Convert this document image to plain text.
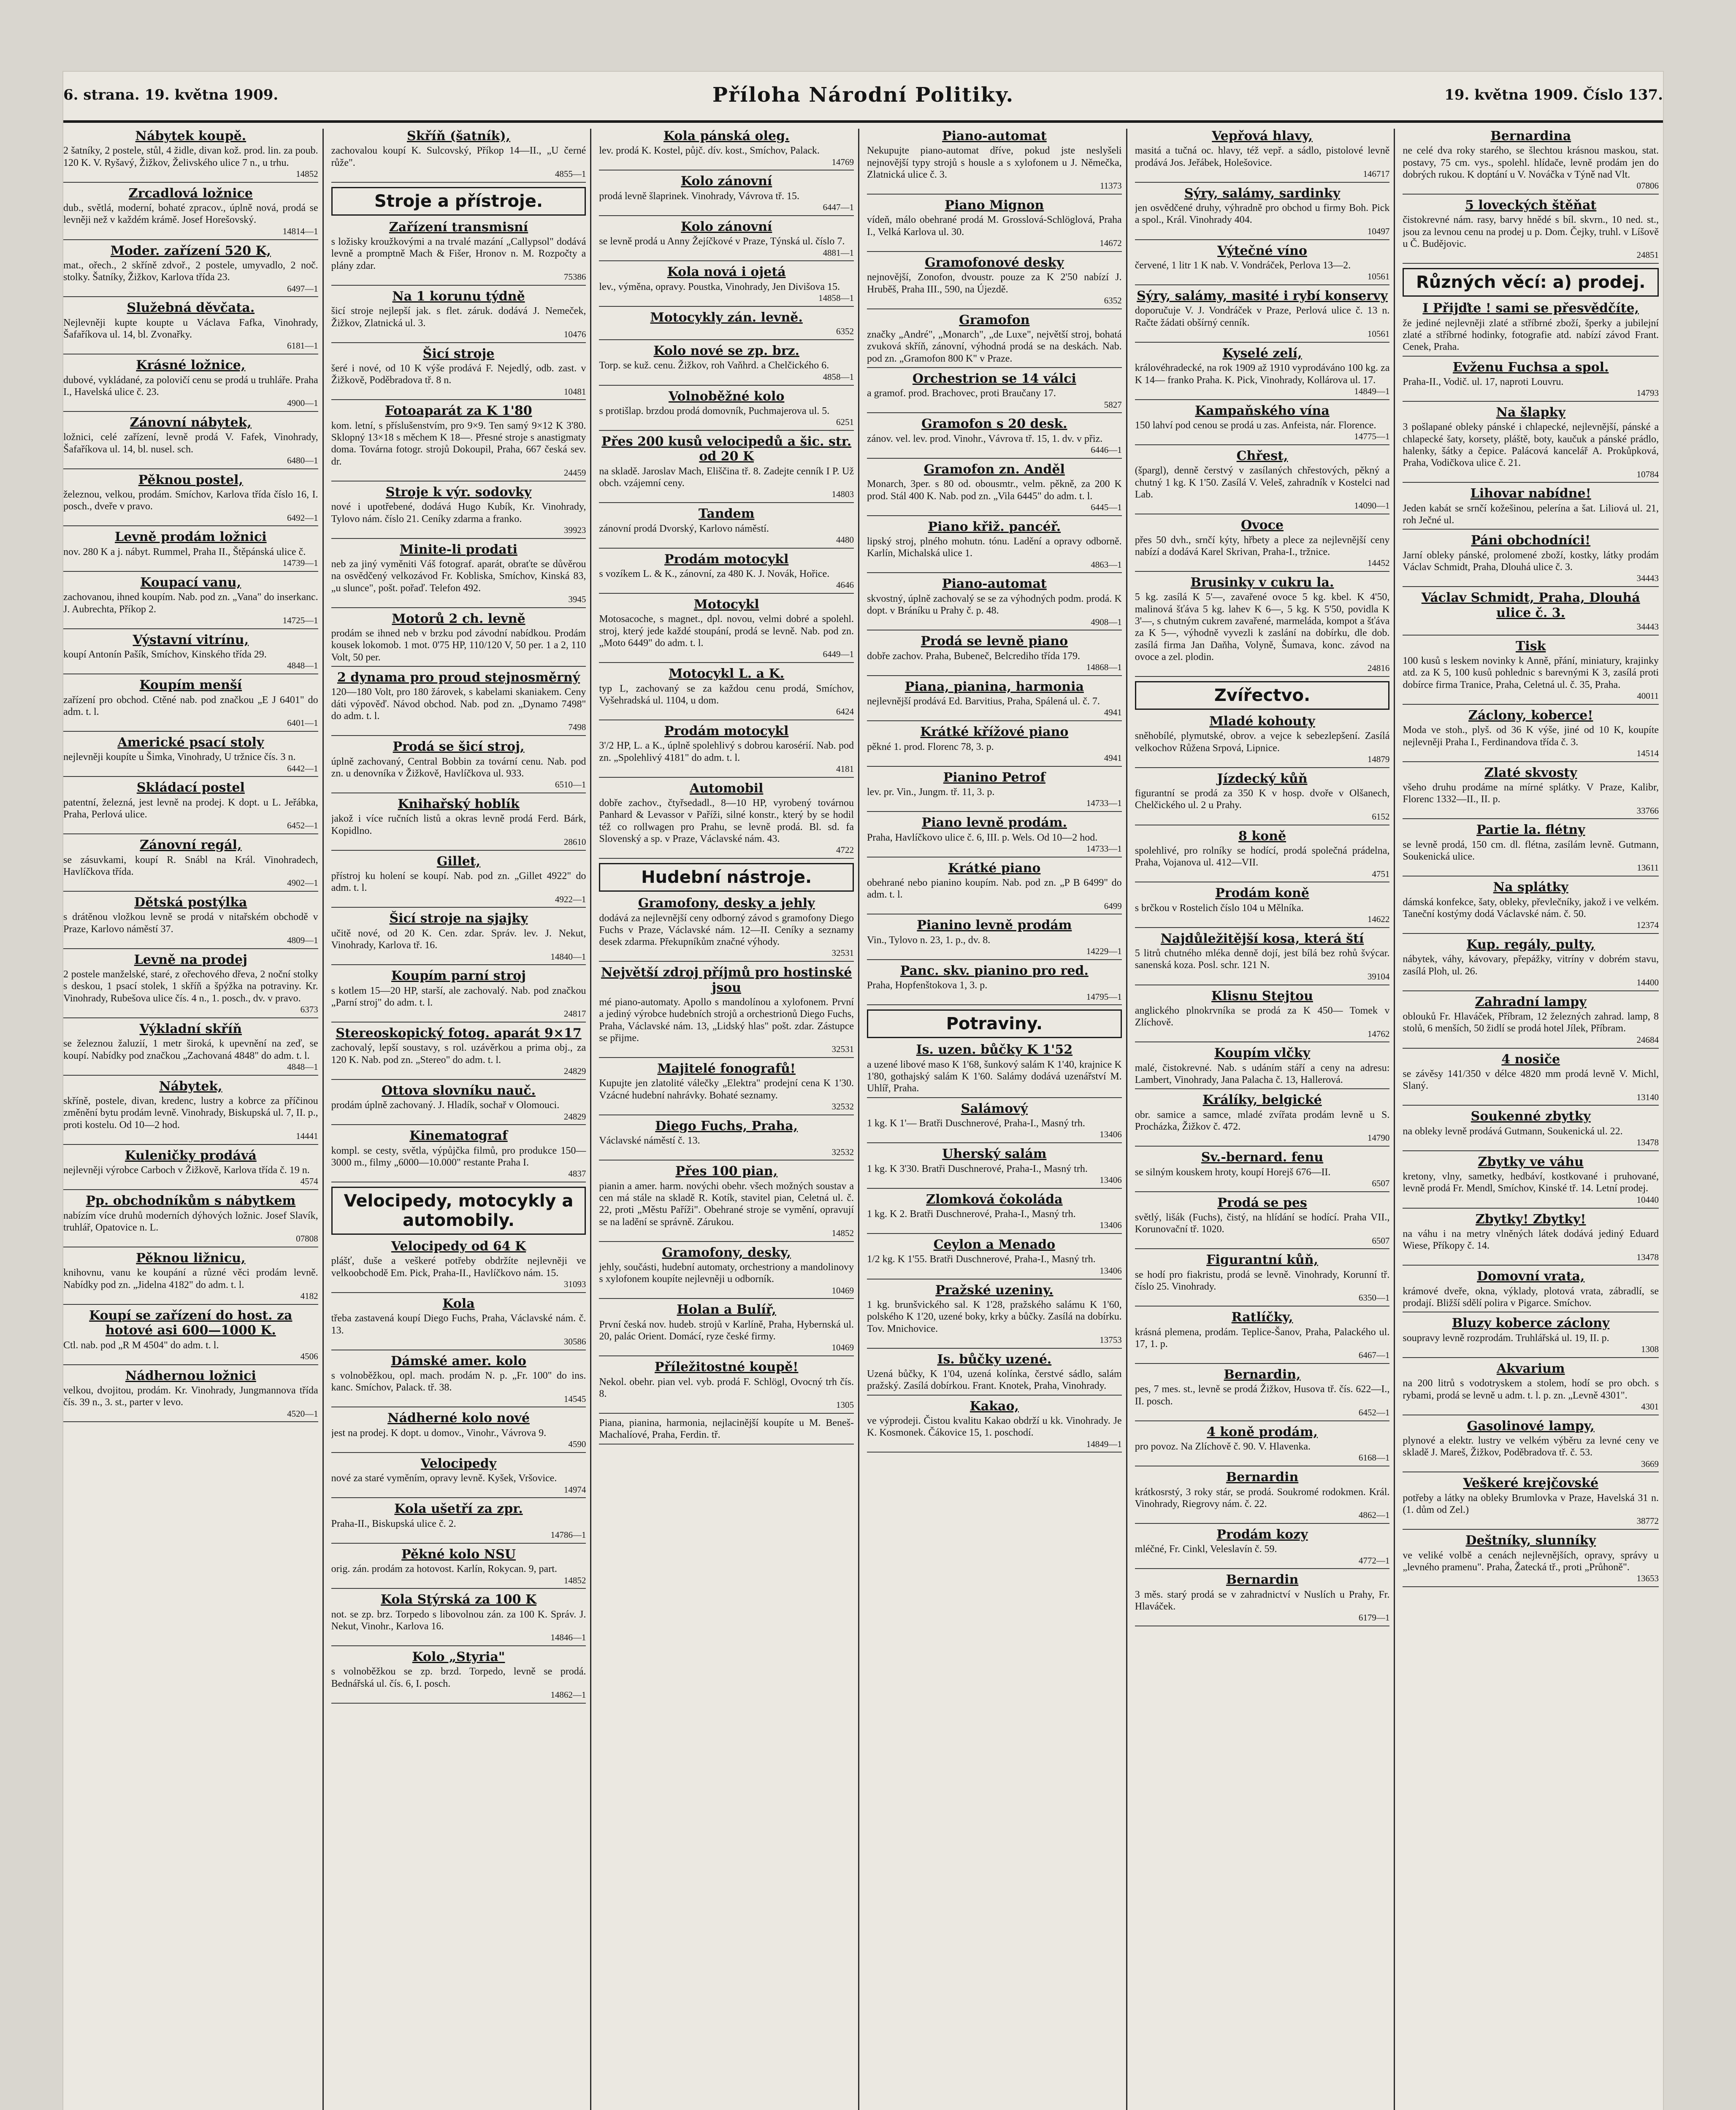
6. strana. 19. května 1909.	Příloha Národní Politiky.	19. května 1909. Číslo 137.
Nábytek koupě.

2 šatníky, 2 postele, stůl, 4 židle, divan kož. prod. lin. za poub. 120 K. V. Ryšavý, Žižkov, Želivského ulice 7 n., u trhu.

14852
Zrcadlová ložnice

dub., světlá, moderní, bohaté zpracov., úplně nová, prodá se levněji než v každém krámě. Josef Horešovský.

14814—1
Moder. zařízení 520 K,

mat., ořech., 2 skříně zdvoř., 2 postele, umyvadlo, 2 noč. stolky. Šatníky, Žižkov, Karlova třída 23.

6497—1
Služebná děvčata.

Nejlevněji kupte koupte u Václava Fafka, Vinohrady, Šafaříkova ul. 14, bl. Zvonařky.

6181—1
Krásné ložnice,

dubové, vykládané, za polovičí cenu se prodá u truhláře. Praha I., Havelská ulice č. 23.

4900—1
Zánovní nábytek,

ložnici, celé zařízení, levně prodá V. Fafek, Vinohrady, Šafaříkova ul. 14, bl. nusel. sch.

6480—1
Pěknou postel,

železnou, velkou, prodám. Smíchov, Karlova třída číslo 16, I. posch., dveře v pravo.

6492—1
Levně prodám ložnici

nov. 280 K a j. nábyt. Rummel, Praha II., Štěpánská ulice č.

14739—1
Koupací vanu,

zachovanou, ihned koupím. Nab. pod zn. „Vana" do inserkanc. J. Aubrechta, Příkop 2.

14725—1
Výstavní vitrínu,

koupí Antonín Pašík, Smíchov, Kinského třída 29.

4848—1
Koupím menší

zařízení pro obchod. Ctěné nab. pod značkou „E J 6401" do adm. t. l.

6401—1
Americké psací stoly

nejlevněji koupíte u Šimka, Vinohrady, U tržnice čís. 3 n.

6442—1
Skládací postel

patentní, železná, jest levně na prodej. K dopt. u L. Jeřábka, Praha, Perlová ulice.

6452—1
Zánovní regál,

se zásuvkami, koupí R. Snábl na Král. Vinohradech, Havlíčkova třída.

4902—1
Dětská postýlka

s drátěnou vložkou levně se prodá v nitařském obchodě v Praze, Karlovo náměstí 37.

4809—1
Levně na prodej

2 postele manželské, staré, z ořechového dřeva, 2 noční stolky s deskou, 1 psací stolek, 1 skříň a špýžka na potraviny. Kr. Vinohrady, Rubešova ulice čís. 4 n., 1. posch., dv. v pravo.

6373
Výkladní skříň

se železnou žaluzií, 1 metr široká, k upevnění na zeď, se koupí. Nabídky pod značkou „Zachovaná 4848" do adm. t. l.

4848—1
Nábytek,

skříně, postele, divan, kredenc, lustry a kobrce za příčinou změnění bytu prodám levně. Vinohrady, Biskupská ul. 7, II. p., proti kostelu. Od 10—2 hod.

14441
Kuleničky prodává

nejlevněji výrobce Carboch v Žižkově, Karlova třída č. 19 n.

4574
Pp. obchodníkům s nábytkem

nabízím více druhů moderních dýhových ložnic. Josef Slavík, truhlář, Opatovice n. L.

07808
Pěknou ližnicu,

knihovnu, vanu ke koupání a různé věci prodám levně. Nabídky pod zn. „Jidelna 4182" do adm. t. l.

4182
Koupí se zařízení do host. za hotové asi 600—1000 K.

Ctl. nab. pod „R M 4504" do adm. t. l.

4506
Nádhernou ložnici

velkou, dvojitou, prodám. Kr. Vinohrady, Jungmannova třída čís. 39 n., 3. st., parter v levo.

4520—1
Skříň (šatník),

zachovalou koupí K. Sulcovský, Příkop 14—II., „U černé růže".

4855—1
Stroje a přístroje.
Zařízení transmisní

s ložisky kroužkovými a na trvalé mazání „Callypsol" dodává levně a promptně Mach & Fišer, Hronov n. M. Rozpočty a plány zdar.

75386
Na 1 korunu týdně

šicí stroje nejlepší jak. s flet. záruk. dodává J. Nemeček, Žižkov, Zlatnická ul. 3.

10476
Šicí stroje

šeré i nové, od 10 K výše prodává F. Nejedlý, odb. zast. v Žižkově, Poděbradova tř. 8 n.

10481
Fotoaparát za K 1'80

kom. letní, s příslušenstvím, pro 9×9. Ten samý 9×12 K 3'80. Sklopný 13×18 s měchem K 18—. Přesné stroje s anastigmaty doma. Továrna fotogr. strojů Dokoupil, Praha, 667 česká sev. dr.

24459
Stroje k výr. sodovky

nové i upotřebené, dodává Hugo Kubík, Kr. Vinohrady, Tylovo nám. číslo 21. Ceníky zdarma a franko.

39923
Minite-li prodati

neb za jiný vyměniti Váš fotograf. aparát, obraťte se důvěrou na osvědčený velkozávod Fr. Kobliska, Smíchov, Kinská 83, „u slunce", pošt. pořaď. Telefon 492.

3945
Motorů 2 ch. levně

prodám se ihned neb v brzku pod závodní nabídkou. Prodám kousek lokomob. 1 mot. 0'75 HP, 110/120 V, 50 per. 1 a 2, 110 Volt, 50 per.

2 dynama pro proud stejnosměrný

120—180 Volt, pro 180 žárovek, s kabelami skaniakem. Ceny dáti výpověď. Návod obchod. Nab. pod zn. „Dynamo 7498" do adm. t. l.

7498
Prodá se šicí stroj,

úplně zachovaný, Central Bobbin za tovární cenu. Nab. pod zn. u denovníka v Žižkově, Havlíčkova ul. 933.

6510—1
Knihařský hoblík

jakož i více ručních listů a okras levně prodá Ferd. Bárk, Kopidlno.

28610
Gillet,

přístroj ku holení se koupí. Nab. pod zn. „Gillet 4922" do adm. t. l.

4922—1
Šicí stroje na sjajky

učitě nové, od 20 K. Cen. zdar. Správ. lev. J. Nekut, Vinohrady, Karlova tř. 16.

14840—1
Koupím parní stroj

s kotlem 15—20 HP, starší, ale zachovalý. Nab. pod značkou „Parní stroj" do adm. t. l.

24817
Stereoskopický fotog. aparát 9×17

zachovalý, lepší soustavy, s rol. uzávěrkou a prima obj., za 120 K. Nab. pod zn. „Stereo" do adm. t. l.

24829
Ottova slovníku nauč.

prodám úplně zachovaný. J. Hladík, sochař v Olomouci.

24829
Kinematograf

kompl. se cesty, světla, výpůjčka filmů, pro produkce 150—3000 m., filmy „6000—10.000" restante Praha I.

4837
Velocipedy, motocykly a automobily.
Velocipedy od 64 K

plášť, duše a veškeré potřeby obdržíte nejlevněji ve velkoobchodě Em. Pick, Praha-II., Havlíčkovo nám. 15.

31093
Kola

třeba zastavená koupí Diego Fuchs, Praha, Václavské nám. č. 13.

30586
Dámské amer. kolo

s volnoběžkou, opl. mach. prodám N. p. „Fr. 100" do ins. kanc. Smíchov, Palack. tř. 38.

14545
Nádherné kolo nové

jest na prodej. K dopt. u domov., Vinohr., Vávrova 9.

4590
Velocipedy

nové za staré vyměním, opravy levně. Kyšek, Vršovice.

14974
Kola ušetří za zpr.

Praha-II., Biskupská ulice č. 2.

14786—1
Pěkné kolo NSU

orig. zán. prodám za hotovost. Karlín, Rokycan. 9, part.

14852
Kola Stýrská za 100 K

not. se zp. brz. Torpedo s libovolnou zán. za 100 K. Správ. J. Nekut, Vinohr., Karlova 16.

14846—1
Kolo „Styria"

s volnoběžkou se zp. brzd. Torpedo, levně se prodá. Bednářská ul. čís. 6, I. posch.

14862—1
Kola pánská oleg.

lev. prodá K. Kostel, půjč. dív. kost., Smíchov, Palack.

14769
Kolo zánovní

prodá levně šlaprinek. Vinohrady, Vávrova tř. 15.

6447—1
Kolo zánovní

se levně prodá u Anny Žejíčkové v Praze, Týnská ul. číslo 7.

4881—1
Kola nová i ojetá

lev., výměna, opravy. Poustka, Vinohrady, Jen Divišova 15.

14858—1
Motocykly zán. levně.
6352
Kolo nové se zp. brz.

Torp. se kuž. cenu. Žižkov, roh Vaňhrd. a Chelčického 6.

4858—1
Volnoběžné kolo

s protišlap. brzdou prodá domovník, Puchmajerova ul. 5.

6251
Přes 200 kusů velocipedů a šic. str. od 20 K

na skladě. Jaroslav Mach, Eliščina tř. 8. Zadejte cenník I P. Už obch. vzájemní ceny.

14803
Tandem

zánovní prodá Dvorský, Karlovo náměstí.

4480
Prodám motocykl

s vozíkem L. & K., zánovní, za 480 K. J. Novák, Hořice.

4646
Motocykl

Motosacoche, s magnet., dpl. novou, velmi dobré a spolehl. stroj, který jede každé stoupání, prodá se levně. Nab. pod zn. „Moto 6449" do adm. t. l.

6449—1
Motocykl L. a K.

typ L, zachovaný se za každou cenu prodá, Smíchov, Vyšehradská ul. 1104, u dom.

6424
Prodám motocykl

3'/2 HP, L. a K., úplně spolehlivý s dobrou karosérií. Nab. pod zn. „Spolehlivý 4181" do adm. t. l.

4181
Automobil

dobře zachov., čtyřsedadl., 8—10 HP, vyrobený továrnou Panhard & Levassor v Paříži, silné konstr., který by se hodil též co rollwagen pro Prahu, se levně prodá. Bl. sd. fa Slovenský a sp. v Praze, Václavské nám. 43.

4722
Hudební nástroje.
Gramofony, desky a jehly

dodává za nejlevnější ceny odborný závod s gramofony Diego Fuchs v Praze, Václavské nám. 12—II. Ceníky a seznamy desek zdarma. Překupníkům značné výhody.

32531
Největší zdroj příjmů pro hostinské jsou

mé piano-automaty. Apollo s mandolínou a xylofonem. První a jediný výrobce hudebních strojů a orchestrionů Diego Fuchs, Praha, Václavské nám. 13, „Lidský hlas" pošt. zdar. Zástupce se přijme.

32531
Majitelé fonografů!

Kupujte jen zlatolité válečky „Elektra" prodejní cena K 1'30. Vzácné hudební nahrávky. Bohaté seznamy.

32532
Diego Fuchs, Praha,

Václavské náměstí č. 13.

32532
Přes 100 pian,

pianin a amer. harm. novýchi obehr. všech možných soustav a cen má stále na skladě R. Kotík, stavitel pian, Celetná ul. č. 22, proti „Městu Paříži". Obehrané stroje se vymění, opravují se na ladění se správně. Zárukou.

14852
Gramofony, desky,

jehly, součásti, hudební automaty, orchestriony a mandolinovy s xylofonem koupíte nejlevněji u odborník.

10469
Holan a Bulíř,

První česká nov. hudeb. strojů v Karlíně, Praha, Hybernská ul. 20, palác Orient. Domácí, ryze české firmy.

10469
Příležitostné koupě!

Nekol. obehr. pian vel. vyb. prodá F. Schlögl, Ovocný trh čís. 8.

1305

Piana, pianina, harmonia, nejlacinější koupíte u M. Beneš-Machalíové, Praha, Ferdin. tř.

Piano-automat

Nekupujte piano-automat dříve, pokud jste neslyšeli nejnovější typy strojů s housle a s xylofonem u J. Němečka, Zlatnická ulice č. 3.

11373
Piano Mignon

vídeň, málo obehrané prodá M. Grosslová-Schlöglová, Praha I., Velká Karlova ul. 30.

14672
Gramofonové desky

nejnovější, Zonofon, dvoustr. pouze za K 2'50 nabízí J. Hruběš, Praha III., 590, na Újezdě.

6352
Gramofon

značky „André", „Monarch", „de Luxe", největší stroj, bohatá zvuková skříň, zánovní, výhodná prodá se na deskách. Nab. pod zn. „Gramofon 800 K" v Praze.

Orchestrion se 14 válci

a gramof. prod. Brachovec, proti Braučany 17.

5827
Gramofon s 20 desk.

zánov. vel. lev. prod. Vinohr., Vávrova tř. 15, 1. dv. v přiz.

6446—1
Gramofon zn. Anděl

Monarch, 3per. s 80 od. obousmtr., velm. pěkně, za 200 K prod. Stál 400 K. Nab. pod zn. „Vila 6445" do adm. t. l.

6445—1
Piano křiž. pancéř.

lipský stroj, plného mohutn. tónu. Ladění a opravy odborně. Karlín, Michalská ulice 1.

4863—1
Piano-automat

skvostný, úplně zachovalý se se za výhodných podm. prodá. K dopt. v Bráníku u Prahy č. p. 48.

4908—1
Prodá se levně piano

dobře zachov. Praha, Bubeneč, Belcrediho třída 179.

14868—1
Piana, pianina, harmonia

nejlevnější prodává Ed. Barvitius, Praha, Spálená ul. č. 7.

4941
Krátké křížové piano

pěkné 1. prod. Florenc 78, 3. p.

4941
Pianino Petrof

lev. pr. Vin., Jungm. tř. 11, 3. p.

14733—1
Piano levně prodám.

Praha, Havlíčkovo ulice č. 6, III. p. Wels. Od 10—2 hod.

14733—1
Krátké piano

obehrané nebo pianino koupím. Nab. pod zn. „P B 6499" do adm. t. l.

6499
Pianino levně prodám

Vin., Tylovo n. 23, 1. p., dv. 8.

14229—1
Panc. skv. pianino pro red.

Praha, Hopfenštokova 1, 3. p.

14795—1
Potraviny.
Is. uzen. bůčky K 1'52

a uzené libové maso K 1'68, šunkový salám K 1'40, krajnice K 1'80, gothajský salám K 1'60. Salámy dodává uzenářství M. Uhlíř, Praha.

Salámový

1 kg. K 1'— Bratři Duschnerové, Praha-I., Masný trh.

13406
Uherský salám

1 kg. K 3'30. Bratři Duschnerové, Praha-I., Masný trh.

13406
Zlomková čokoláda

1 kg. K 2. Bratři Duschnerové, Praha-I., Masný trh.

13406
Ceylon a Menado

1/2 kg. K 1'55. Bratři Duschnerové, Praha-I., Masný trh.

13406
Pražské uzeniny.

1 kg. brunšvického sal. K 1'28, pražského salámu K 1'60, polského K 1'20, uzené boky, krky a bůčky. Zasílá na dobírku. Tov. Mnichovice.

13753
Is. bůčky uzené.

Uzená bůčky, K 1'04, uzená kolínka, čerstvé sádlo, salám pražský. Zasílá dobírkou. Frant. Knotek, Praha, Vinohrady.

Kakao,

ve výprodeji. Čistou kvalitu Kakao obdrží u kk. Vinohrady. Je K. Kosmonek. Čákovice 15, 1. poschodí.

14849—1
Vepřová hlavy,

masitá a tučná oc. hlavy, též vepř. a sádlo, pistolové levně prodává Jos. Jeřábek, Holešovice.

146717
Sýry, salámy, sardinky

jen osvědčené druhy, výhradně pro obchod u firmy Boh. Pick a spol., Král. Vinohrady 404.

10497
Výtečné víno

červené, 1 litr 1 K nab. V. Vondráček, Perlova 13—2.

10561
Sýry, salámy, masité i rybí konservy

doporučuje V. J. Vondráček v Praze, Perlová ulice č. 13 n. Račte žádati obšírný cenník.

10561
Kyselé zelí,

královéhradecké, na rok 1909 až 1910 vyprodáváno 100 kg. za K 14— franko Praha. K. Pick, Vinohrady, Kollárova ul. 17.

14849—1
Kampaňského vína

150 lahví pod cenou se prodá u zas. Anfeista, nár. Florence.

14775—1
Chřest,

(špargl), denně čerstvý v zasílaných chřestových, pěkný a chutný 1 kg. K 1'50. Zasílá V. Veleš, zahradník v Kostelci nad Lab.

14090—1
Ovoce

přes 50 dvh., srnčí kýty, hřbety a plece za nejlevnější ceny nabízí a dodává Karel Skrivan, Praha-I., tržnice.

14452
Brusinky v cukru la.

5 kg. zasílá K 5'—, zavařené ovoce 5 kg. kbel. K 4'50, malinová šťáva 5 kg. lahev K 6—, 5 kg. K 5'50, povidla K 3'—, s chutným cukrem zavařené, marmeláda, kompot a šťáva za K 5—, výhodně vyvezli k zaslání na dobírku, dle dob. zasílá firma Jan Daňha, Volyně, Šumava, konc. závod na ovoce a zel. plodin.

24816
Zvířectvo.
Mladé kohouty

sněhobílé, plymutské, obrov. a vejce k sebezlepšení. Zasílá velkochov Růžena Srpová, Lipnice.

14879
Jízdecký kůň

figurantní se prodá za 350 K v hosp. dvoře v Olšanech, Chelčického ul. 2 u Prahy.

6152
8 koně

spolehlivé, pro rolníky se hodící, prodá společná prádelna, Praha, Vojanova ul. 412—VII.

4751
Prodám koně

s brčkou v Rostelich číslo 104 u Mělníka.

14622
Najdůležitější kosa, která ští

5 litrů chutného mléka denně dojí, jest bílá bez rohů švýcar. sanenská koza. Posl. schr. 121 N.

39104
Klisnu Stejtou

anglického plnokrvníka se prodá za K 450— Tomek v Zlíchově.

14762
Koupím vlčky

malé, čistokrevné. Nab. s udáním stáří a ceny na adresu: Lambert, Vinohrady, Jana Palacha č. 13, Hallerová.

Králíky, belgické

obr. samice a samce, mladé zvířata prodám levně u S. Procházka, Žižkov č. 472.

14790
Sv.-bernard. fenu

se silným kouskem hroty, koupí Horejš 676—II.

6507
Prodá se pes

světlý, lišák (Fuchs), čistý, na hlídání se hodící. Praha VII., Korunovační tř. 1020.

6507
Figurantní kůň,

se hodí pro fiakristu, prodá se levně. Vinohrady, Korunní tř. číslo 25. Vinohrady.

6350—1
Ratlíčky,

krásná plemena, prodám. Teplice-Šanov, Praha, Palackého ul. 17, 1. p.

6467—1
Bernardin,

pes, 7 mes. st., levně se prodá Žižkov, Husova tř. čís. 622—I., II. posch.

6452—1
4 koně prodám,

pro povoz. Na Zlíchově č. 90. V. Hlavenka.

6168—1
Bernardin

krátkosrstý, 3 roky stár, se prodá. Soukromé rodokmen. Král. Vinohrady, Riegrovy nám. č. 22.

4862—1
Prodám kozy

mléčné, Fr. Cinkl, Veleslavín č. 59.

4772—1
Bernardin

3 měs. starý prodá se v zahradnictví v Nuslích u Prahy, Fr. Hlaváček.

6179—1
Bernardina

ne celé dva roky starého, se šlechtou krásnou maskou, stat. postavy, 75 cm. vys., spolehl. hlídače, levně prodám jen do dobrých rukou. K doptání u V. Nováčka v Týně nad Vlt.

07806
5 loveckých štěňat

čistokrevné nám. rasy, barvy hnědé s bíl. skvrn., 10 ned. st., jsou za levnou cenu na prodej u p. Dom. Čejky, truhl. v Líšově u Č. Budějovic.

24851
Různých věcí: a) prodej.
I Přijďte ! sami se přesvědčíte,

že jediné nejlevněji zlaté a stříbrné zboží, šperky a jubilejní zlaté a stříbrné hodinky, fotografie atd. nabízí závod Frant. Cenek, Praha.

Evženu Fuchsa a spol.

Praha-II., Vodič. ul. 17, naproti Louvru.

14793
Na šlapky

3 pošlapané obleky pánské i chlapecké, nejlevnější, pánské a chlapecké šaty, korsety, pláště, boty, kaučuk a pánské prádlo, halenky, šátky a čepice. Palácová kancelář A. Prokůpková, Praha, Vodičkova ulice č. 21.

10784
Lihovar nabídne!

Jeden kabát se srnčí kožešinou, pelerína a šat. Liliová ul. 21, roh Ječné ul.

Páni obchodníci!

Jarní obleky pánské, prolomené zboží, kostky, látky prodám Václav Schmidt, Praha, Dlouhá ulice č. 3.

34443
Václav Schmidt, Praha, Dlouhá ulice č. 3.
34443
Tisk

100 kusů s leskem novinky k Anně, přání, miniatury, krajinky atd. za K 5, 100 kusů pohlednic s barevnými K 3, zasílá proti dobírce firma Tranice, Praha, Celetná ul. č. 35, Praha.

40011
Záclony, koberce!

Moda ve stoh., plyš. od 36 K výše, jiné od 10 K, koupíte nejlevněji Praha I., Ferdinandova třída č. 3.

14514
Zlaté skvosty

všeho druhu prodáme na mírné splátky. V Praze, Kalibr, Florenc 1332—II., II. p.

33766
Partie la. flétny

se levně prodá, 150 cm. dl. flétna, zasílám levně. Gutmann, Soukenická ulice.

13611
Na splátky

dámská konfekce, šaty, obleky, převlečníky, jakož i ve velkém. Taneční kostýmy dodá Václavské nám. č. 50.

12374
Kup. regály, pulty,

nábytek, váhy, kávovary, přepážky, vitríny v dobrém stavu, zasílá Ploh, ul. 26.

14400
Zahradní lampy

oblouků Fr. Hlaváček, Příbram, 12 železných zahrad. lamp, 8 stolů, 6 menších, 50 židlí se prodá hotel Jílek, Příbram.

24684
4 nosiče

se závěsy 141/350 v délce 4820 mm prodá levně V. Michl, Slaný.

13140
Soukenné zbytky

na obleky levně prodává Gutmann, Soukenická ul. 22.

13478
Zbytky ve váhu

kretony, vlny, sametky, hedbáví, kostkované i pruhované, levně prodá Fr. Mendl, Smíchov, Kinské tř. 14. Letní prodej.

10440
Zbytky! Zbytky!

na váhu i na metry vlněných látek dodává jediný Eduard Wiese, Příkopy č. 14.

13478
Domovní vrata,

krámové dveře, okna, výklady, plotová vrata, zábradlí, se prodají. Bližší sdělí polira v Pigarce. Smíchov.

Bluzy koberce záclony

soupravy levně rozprodám. Truhlářská ul. 19, II. p.

1308
Akvarium

na 200 litrů s vodotryskem a stolem, hodí se pro obch. s rybami, prodá se levně u adm. t. l. p. zn. „Levně 4301".

4301
Gasolinové lampy,

plynové a elektr. lustry ve velkém výběru za levné ceny ve skladě J. Mareš, Žižkov, Poděbradova tř. č. 53.

3669
Veškeré krejčovské

potřeby a látky na obleky Brumlovka v Praze, Havelská 31 n. (1. dům od Zel.)

38772
Deštníky, slunníky

ve veliké volbě a cenách nejlevnějších, opravy, správy u „levného pramenu". Praha, Žatecká tř., proti „Průhoně".

13653
